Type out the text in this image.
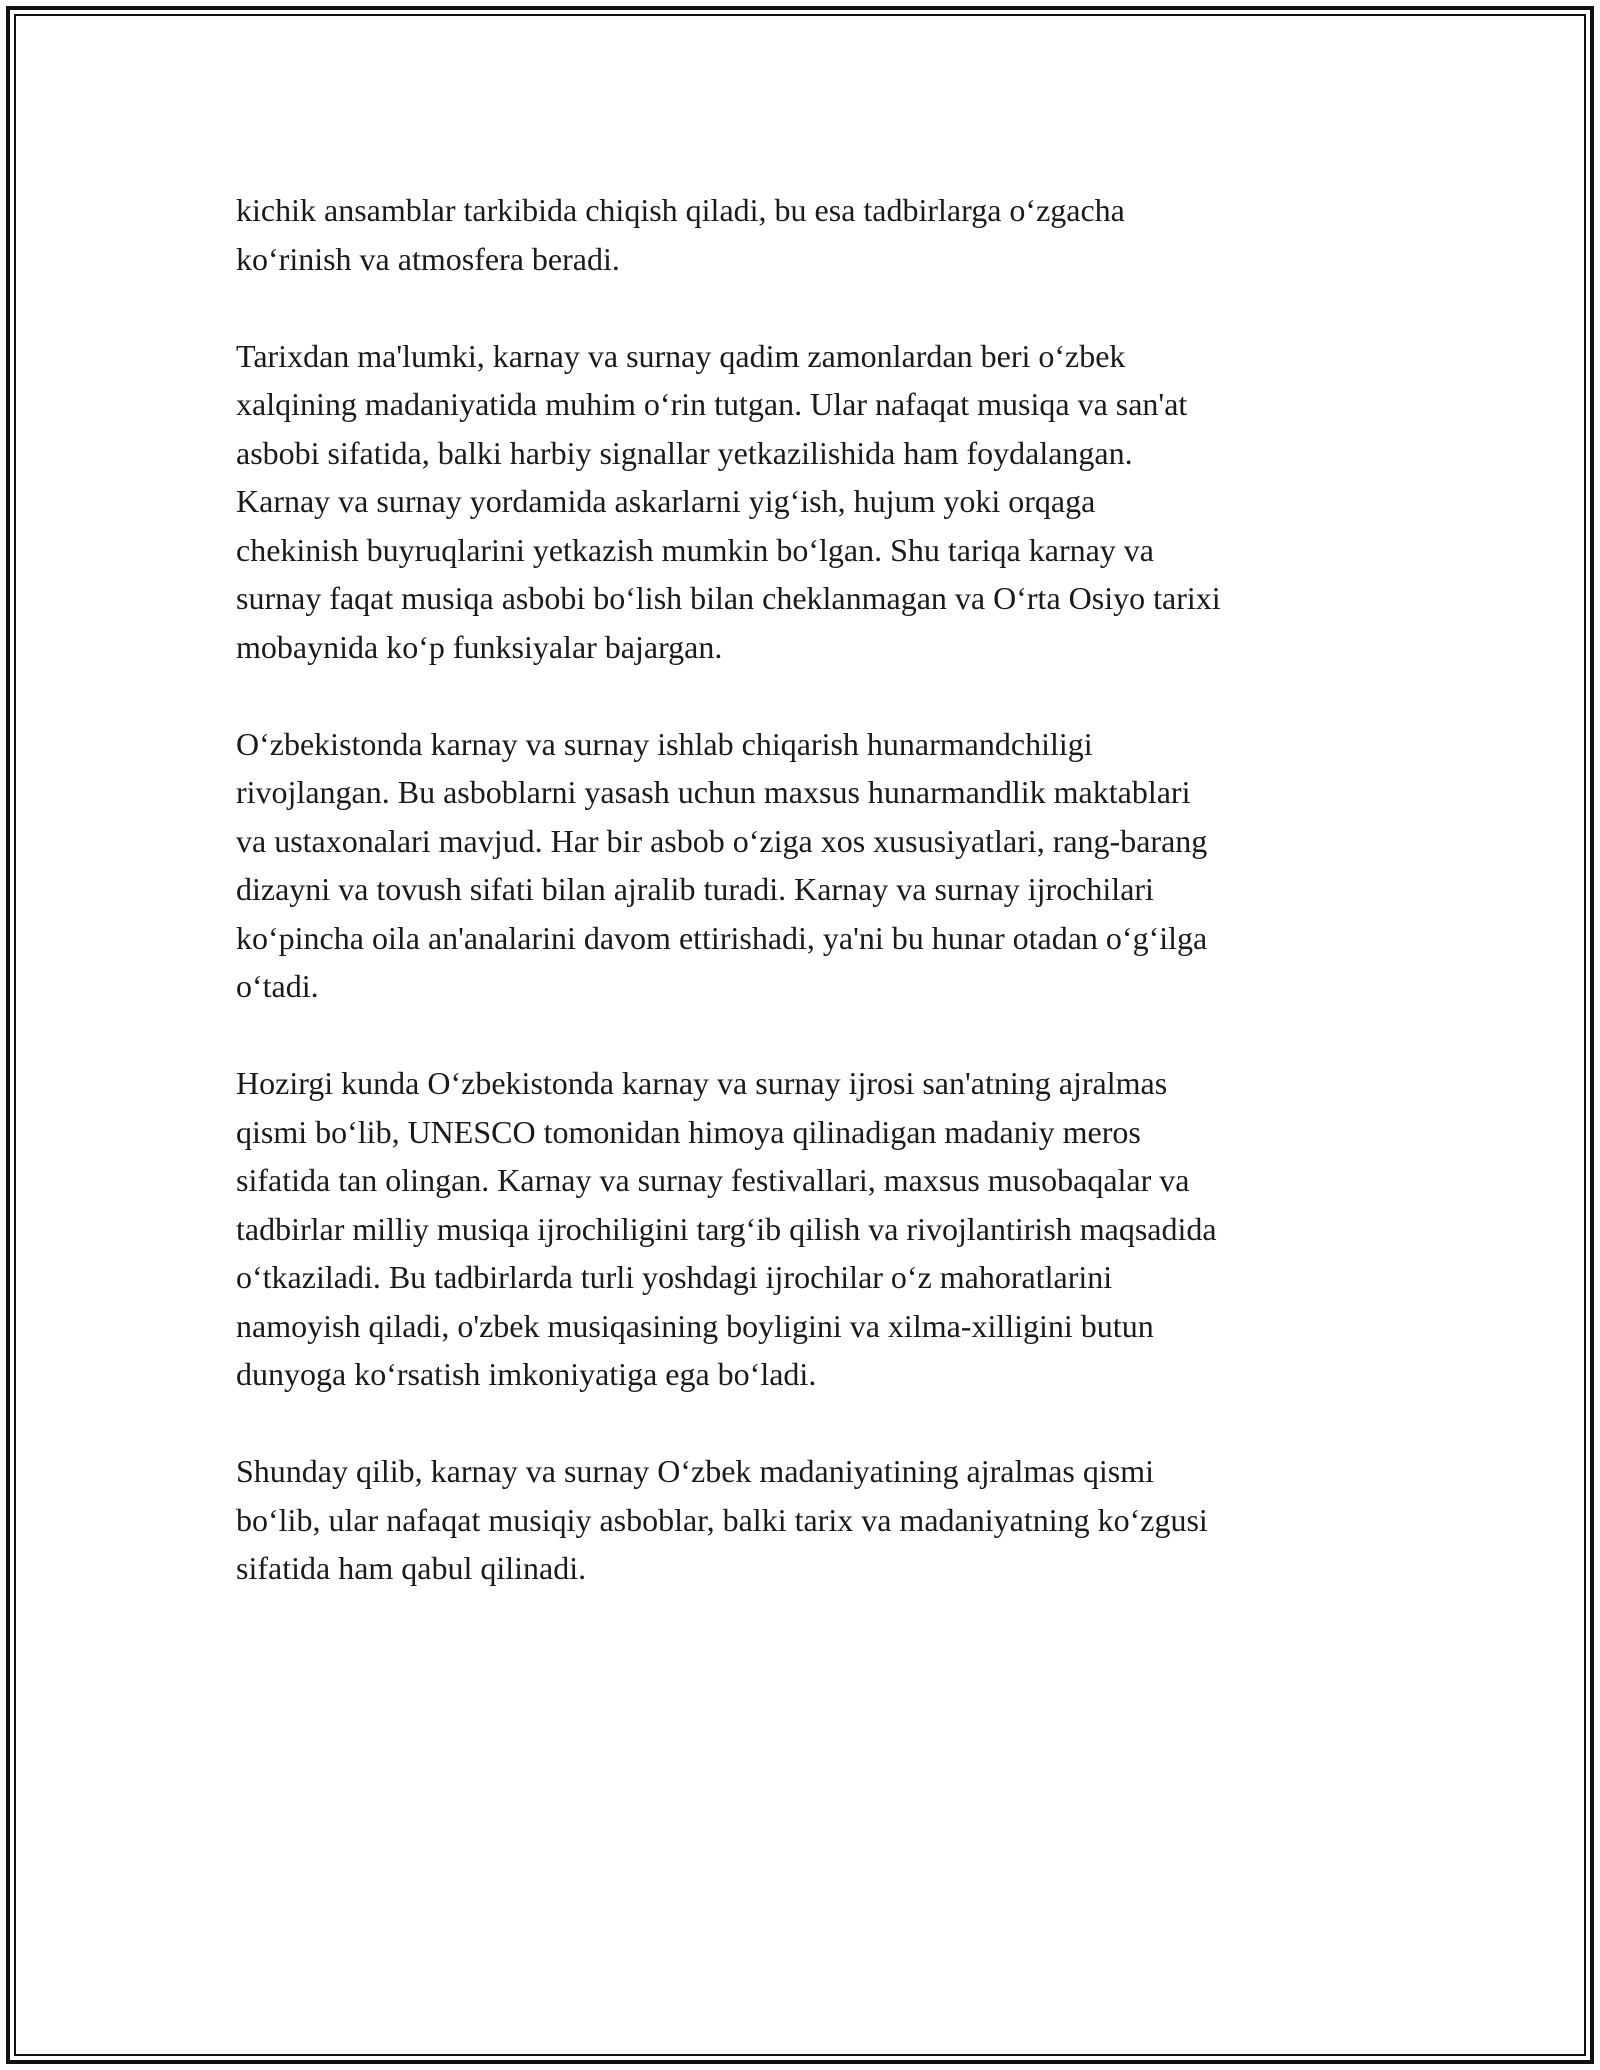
kichik ansamblar tarkibida chiqish qiladi, bu esa tadbirlarga o‘zgacha
ko‘rinish va atmosfera beradi.

Tarixdan ma'lumki, karnay va surnay qadim zamonlardan beri o‘zbek
xalqining madaniyatida muhim o‘rin tutgan. Ular nafaqat musiqa va san'at
asbobi sifatida, balki harbiy signallar yetkazilishida ham foydalangan.
Karnay va surnay yordamida askarlarni yig‘ish, hujum yoki orqaga
chekinish buyruqlarini yetkazish mumkin bo‘lgan. Shu tariqa karnay va
surnay faqat musiqa asbobi bo‘lish bilan cheklanmagan va O‘rta Osiyo tarixi
mobaynida ko‘p funksiyalar bajargan.

O‘zbekistonda karnay va surnay ishlab chiqarish hunarmandchiligi
rivojlangan. Bu asboblarni yasash uchun maxsus hunarmandlik maktablari
va ustaxonalari mavjud. Har bir asbob o‘ziga xos xususiyatlari, rang-barang
dizayni va tovush sifati bilan ajralib turadi. Karnay va surnay ijrochilari
ko‘pincha oila an'analarini davom ettirishadi, ya'ni bu hunar otadan o‘g‘ilga
o‘tadi.

Hozirgi kunda O‘zbekistonda karnay va surnay ijrosi san'atning ajralmas
qismi bo‘lib, UNESCO tomonidan himoya qilinadigan madaniy meros
sifatida tan olingan. Karnay va surnay festivallari, maxsus musobaqalar va
tadbirlar milliy musiqa ijrochiligini targ‘ib qilish va rivojlantirish maqsadida
o‘tkaziladi. Bu tadbirlarda turli yoshdagi ijrochilar o‘z mahoratlarini
namoyish qiladi, o'zbek musiqasining boyligini va xilma-xilligini butun
dunyoga ko‘rsatish imkoniyatiga ega bo‘ladi.

Shunday qilib, karnay va surnay O‘zbek madaniyatining ajralmas qismi
bo‘lib, ular nafaqat musiqiy asboblar, balki tarix va madaniyatning ko‘zgusi
sifatida ham qabul qilinadi.
